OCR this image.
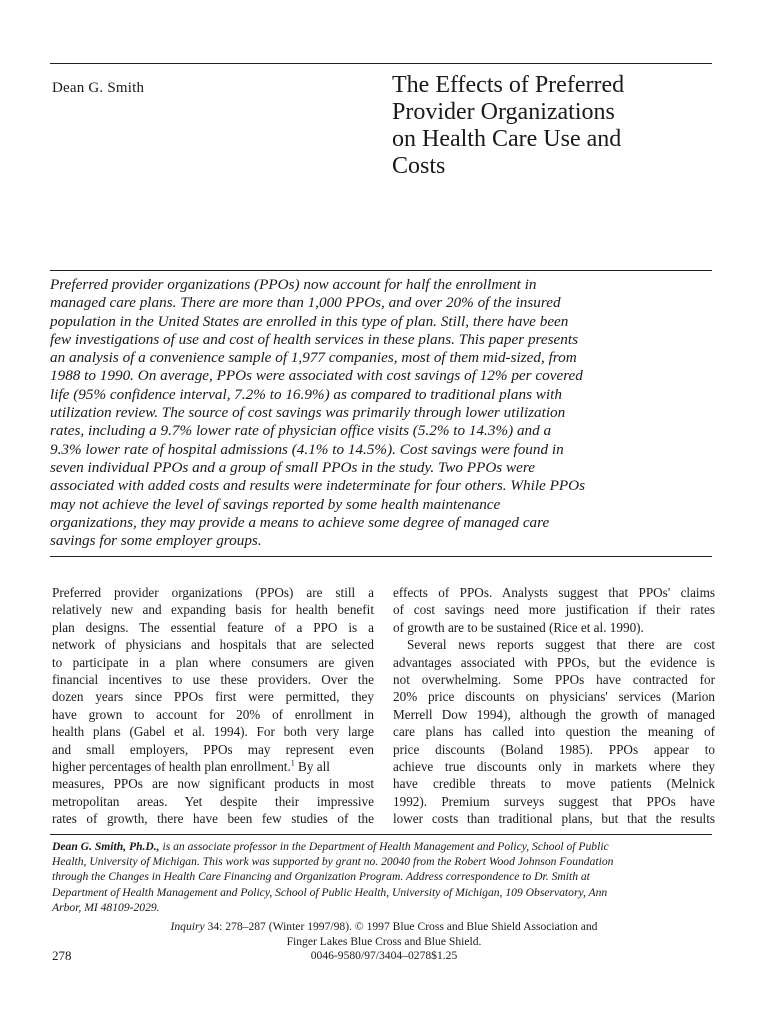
Dean G. Smith	The Effects of Preferred
Provider Organizations
on Health Care Use and
Costs
Preferred provider organizations (PPOs) now account for half the enrollment in
managed care plans. There are more than 1,000 PPOs, and over 20% of the insured
population in the United States are enrolled in this type of plan. Still, there have been
few investigations of use and cost of health services in these plans. This paper presents
an analysis of a convenience sample of 1,977 companies, most of them mid-sized, from
1988 to 1990. On average, PPOs were associated with cost savings of 12% per covered
life (95% confidence interval, 7.2% to 16.9%) as compared to traditional plans with
utilization review. The source of cost savings was primarily through lower utilization
rates, including a 9.7% lower rate of physician office visits (5.2% to 14.3%) and a
9.3% lower rate of hospital admissions (4.1% to 14.5%). Cost savings were found in
seven individual PPOs and a group of small PPOs in the study. Two PPOs were
associated with added costs and results were indeterminate for four others. While PPOs
may not achieve the level of savings reported by some health maintenance
organizations, they may provide a means to achieve some degree of managed care
savings for some employer groups.
Preferred provider organizations (PPOs) are still a
relatively new and expanding basis for health benefit
plan designs. The essential feature of a PPO is a
network of physicians and hospitals that are selected
to participate in a plan where consumers are given
financial incentives to use these providers. Over the
dozen years since PPOs first were permitted, they
have grown to account for 20% of enrollment in
health plans (Gabel et al. 1994). For both very large
and small employers, PPOs may represent even
higher percentages of health plan enrollment.$^1$ By all
measures, PPOs are now significant products in most
metropolitan areas. Yet despite their impressive
rates of growth, there have been few studies of the
effects of PPOs. Analysts suggest that PPOs' claims
of cost savings need more justification if their rates
of growth are to be sustained (Rice et al. 1990).
Several news reports suggest that there are cost
advantages associated with PPOs, but the evidence is
not overwhelming. Some PPOs have contracted for
20% price discounts on physicians' services (Marion
Merrell Dow 1994), although the growth of managed
care plans has called into question the meaning of
price discounts (Boland 1985). PPOs appear to
achieve true discounts only in markets where they
have credible threats to move patients (Melnick
1992). Premium surveys suggest that PPOs have
lower costs than traditional plans, but that the results
Dean G. Smith, Ph.D., is an associate professor in the Department of Health Management and Policy, School of Public
Health, University of Michigan. This work was supported by grant no. 20040 from the Robert Wood Johnson Foundation
through the Changes in Health Care Financing and Organization Program. Address correspondence to Dr. Smith at
Department of Health Management and Policy, School of Public Health, University of Michigan, 109 Observatory, Ann
Arbor, MI 48109-2029.
Inquiry 34: 278–287 (Winter 1997/98). © 1997 Blue Cross and Blue Shield Association and
Finger Lakes Blue Cross and Blue Shield.
0046-9580/97/3404–0278$1.25
278
